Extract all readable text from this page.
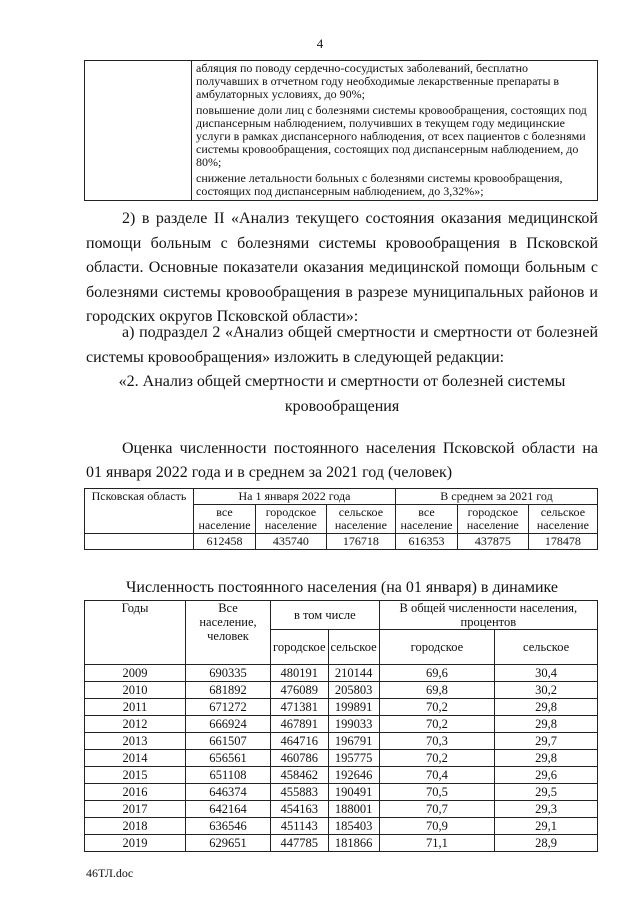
4

абляция по поводу сердечно-сосудистых заболеваний, бесплатно получавших в отчетном году необходимые лекарственные препараты в амбулаторных условиях, до 90%;

повышение доли лиц с болезнями системы кровообращения, состоящих под диспансерным наблюдением, получивших в текущем году медицинские услуги в рамках диспансерного наблюдения, от всех пациентов с болезнями системы кровообращения, состоящих под диспансерным наблюдением, до 80%;

снижение летальности больных с болезнями системы кровообращения, состоящих под диспансерным наблюдением, до 3,32%»;

2) в разделе II «Анализ текущего состояния оказания медицинской помощи больным с болезнями системы кровообращения в Псковской области. Основные показатели оказания медицинской помощи больным с болезнями системы кровообращения в разрезе муниципальных районов и городских округов Псковской области»:

а) подраздел 2 «Анализ общей смертности и смертности от болезней системы кровообращения» изложить в следующей редакции:

«2. Анализ общей смертности и смертности от болезней системы
кровообращения

Оценка численности постоянного населения Псковской области на 01 января 2022 года и в среднем за 2021 год (человек)

Псковская область	На 1 января 2022 года			В среднем за 2021 год		
	все население	городское население	сельское население	все население	городское население	сельское население
	612458	435740	176718	616353	437875	178478

Численность постоянного населения (на 01 января) в динамике

Годы	Все население, человек	в том числе		В общей численности населения, процентов	
		городское	сельское	городское	сельское
2009	690335	480191	210144	69,6	30,4
2010	681892	476089	205803	69,8	30,2
2011	671272	471381	199891	70,2	29,8
2012	666924	467891	199033	70,2	29,8
2013	661507	464716	196791	70,3	29,7
2014	656561	460786	195775	70,2	29,8
2015	651108	458462	192646	70,4	29,6
2016	646374	455883	190491	70,5	29,5
2017	642164	454163	188001	70,7	29,3
2018	636546	451143	185403	70,9	29,1
2019	629651	447785	181866	71,1	28,9
46ТЛ.doc
